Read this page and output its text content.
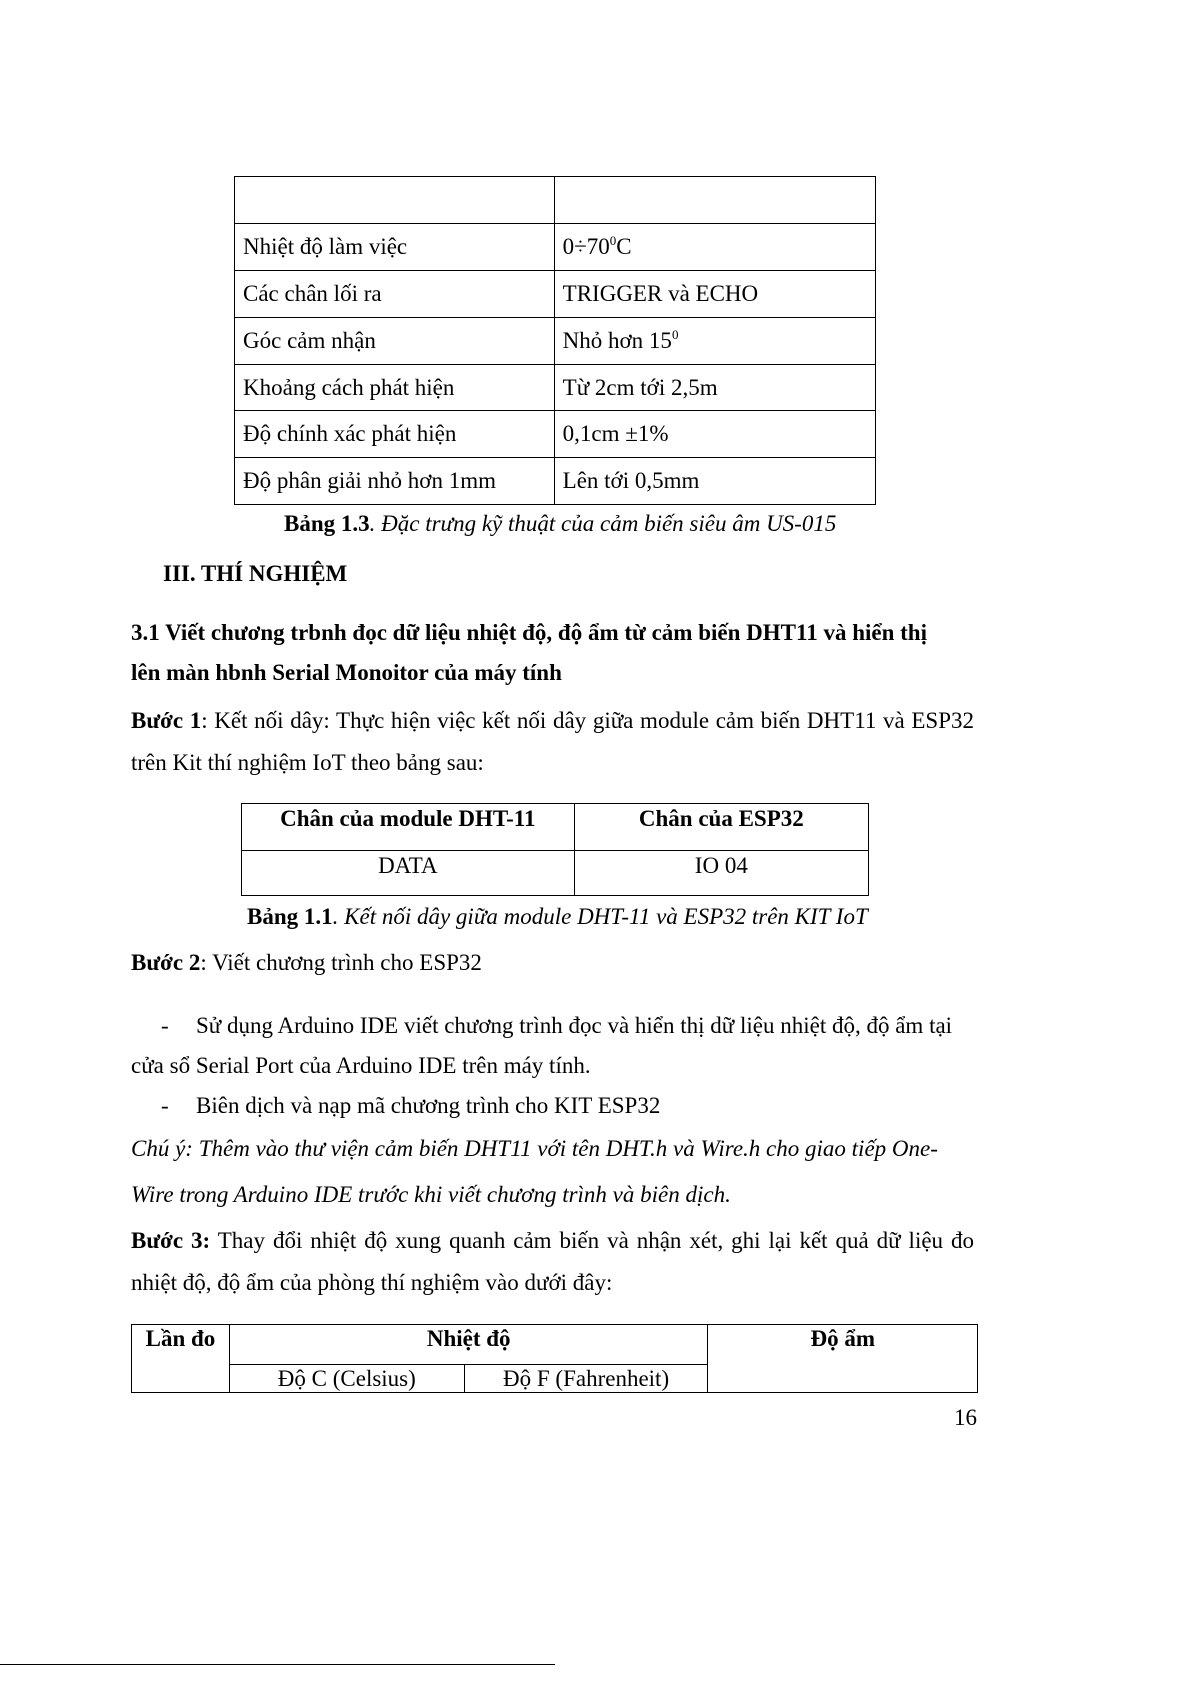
Nhiệt độ làm việc	$0\div 70^0C$
Các chân lối ra	TRIGGER và ECHO
Góc cảm nhận	Nhỏ hơn $15^0$
Khoảng cách phát hiện	Từ 2cm tới 2,5m
Độ chính xác phát hiện	0,1cm ±1%
Độ phân giải nhỏ hơn 1mm	Lên tới 0,5mm
Bảng 1.3. Đặc trưng kỹ thuật của cảm biến siêu âm US-015
III. THÍ NGHIỆM
3.1 Viết chương trbnh đọc dữ liệu nhiệt độ, độ ẩm từ cảm biến DHT11 và hiển thị
lên màn hbnh Serial Monoitor của máy tính
Bước 1: Kết nối dây: Thực hiện việc kết nối dây giữa module cảm biến DHT11 và ESP32 trên Kit thí nghiệm IoT theo bảng sau:
Chân của module DHT-11	Chân của ESP32
DATA	IO 04
Bảng 1.1. Kết nối dây giữa module DHT-11 và ESP32 trên KIT IoT
Bước 2: Viết chương trình cho ESP32
- Sử dụng Arduino IDE viết chương trình đọc và hiển thị dữ liệu nhiệt độ, độ ẩm tại
cửa sổ Serial Port của Arduino IDE trên máy tính.
- Biên dịch và nạp mã chương trình cho KIT ESP32
Chú ý: Thêm vào thư viện cảm biến DHT11 với tên DHT.h và Wire.h cho giao tiếp One-
Wire trong Arduino IDE trước khi viết chương trình và biên dịch.
Bước 3: Thay đổi nhiệt độ xung quanh cảm biến và nhận xét, ghi lại kết quả dữ liệu đo nhiệt độ, độ ẩm của phòng thí nghiệm vào dưới đây:
Lần đo	Nhiệt độ		Độ ẩm
	Độ C (Celsius)	Độ F (Fahrenheit)	
16
